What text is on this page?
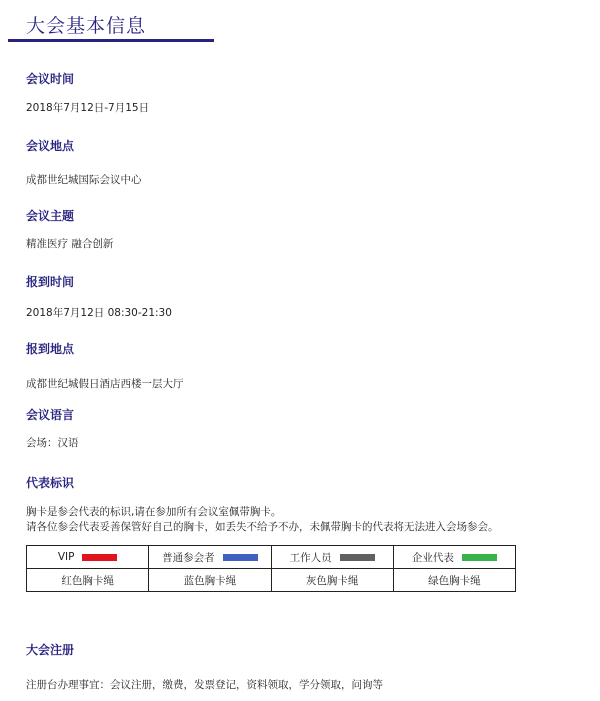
大会基本信息
会议时间
2018年7月12日-7月15日
会议地点
成都世纪城国际会议中心
会议主题
精准医疗 融合创新
报到时间
2018年7月12日 08:30-21:30
报到地点
成都世纪城假日酒店西楼一层大厅
会议语言
会场：汉语
代表标识
胸卡是参会代表的标识,请在参加所有会议室佩带胸卡。
请各位参会代表妥善保管好自己的胸卡，如丢失不给予不办，未佩带胸卡的代表将无法进入会场参会。
VIP	普通参会者	工作人员	企业代表

红色胸卡绳	蓝色胸卡绳	灰色胸卡绳	绿色胸卡绳
大会注册
注册台办理事宜：会议注册，缴费，发票登记，资料领取，学分领取，问询等
